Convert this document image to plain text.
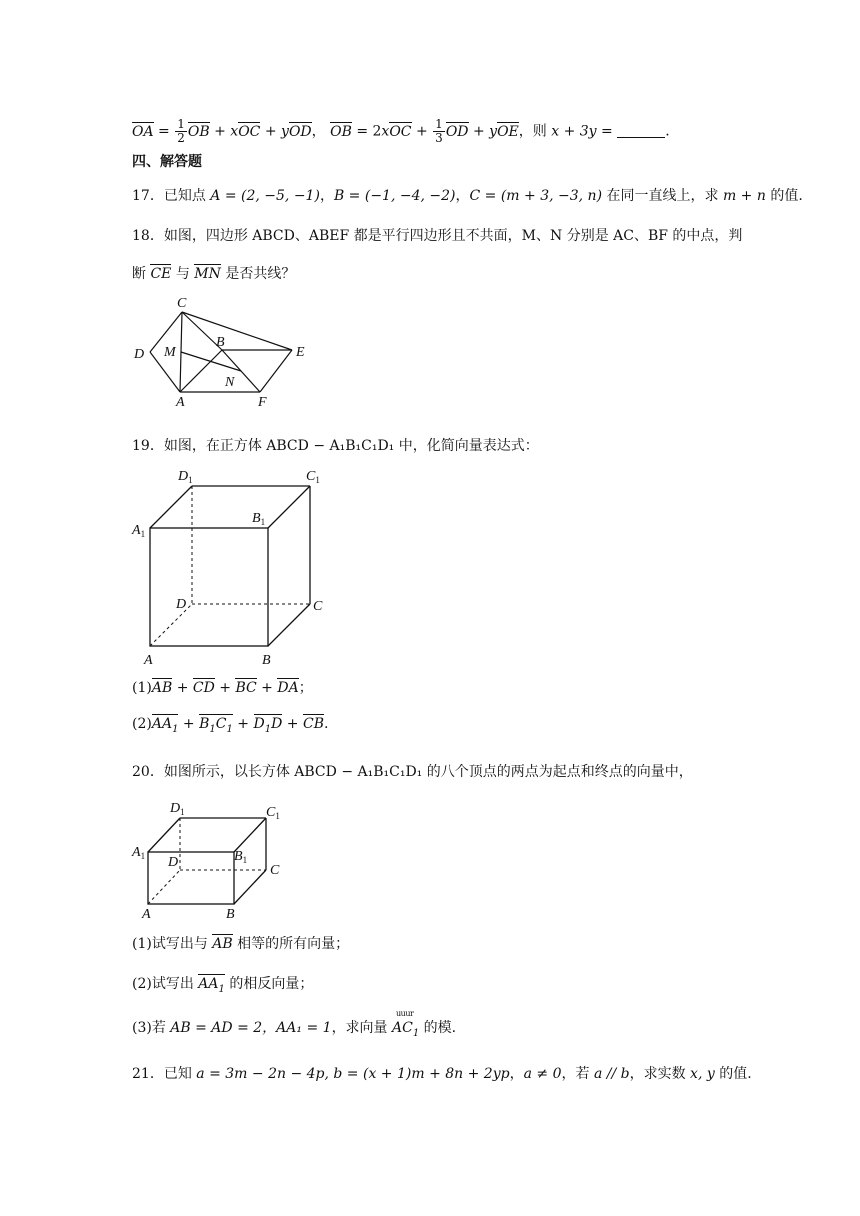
OA = $\frac{1}{2}$ OB + xOC + yOD， OB = $2xOC + \frac{1}{3}$ OD + yOE，则 x + 3y =	.
四、解答题
17．已知点 A = (2, −5, −1)，B = (−1, −4, −2)，C = (m + 3, −3, n) 在同一直线上，求 m + n 的值.
18．如图，四边形 ABCD、ABEF 都是平行四边形且不共面，M、N 分别是 AC、BF 的中点，判
断 CE 与 MN 是否共线？
C
D M
B
E
N
A	F
19．如图，在正方体 ABCD − A₁B₁C₁D₁ 中，化简向量表达式：
$D_1$	$C_1$
$A_1$
$B_1$
D	C
A	B
(1)AB + CD + BC + DA；
$(2)AA_1 + B_1C_1 + D_1D$ + CB.
20．如图所示，以长方体 ABCD − A₁B₁C₁D₁ 的八个顶点的两点为起点和终点的向量中，
$D_1$	$C_1$
$A_1$	$B_1$
D
C
A	B
(1)试写出与 AB 相等的所有向量；
(2)试写出 $AA_1$ 的相反向量；
(3)若 AB = AD = 2，AA₁ = 1，求向量
uuur
$AC_1$ 的模.
21．已知 a = 3m − 2n − 4p, b = (x + 1)m + 8n + 2yp，a ≠ 0，若 a // b，求实数 x, y 的值.
